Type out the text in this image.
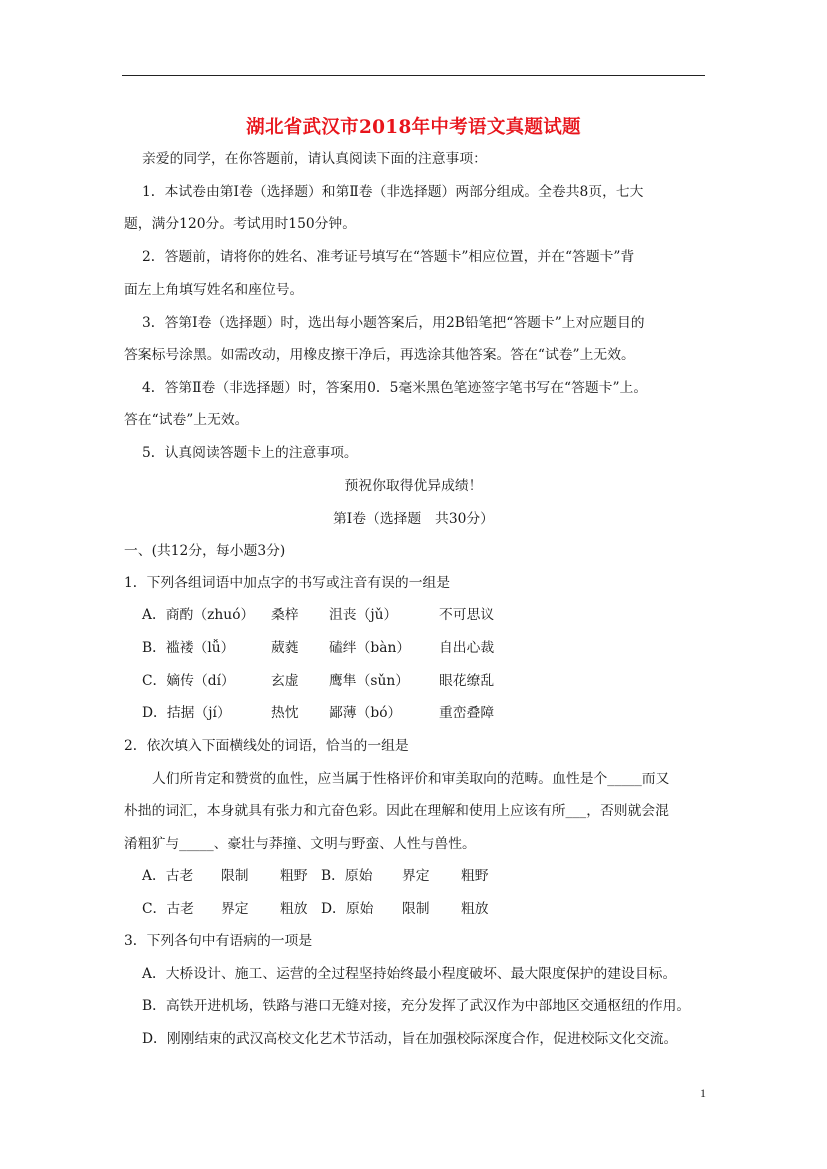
湖北省武汉市2018年中考语文真题试题
亲爱的同学，在你答题前，请认真阅读下面的注意事项：
1．本试卷由第Ⅰ卷（选择题）和第Ⅱ卷（非选择题）两部分组成。全卷共8页，七大
题，满分120分。考试用时150分钟。
2．答题前，请将你的姓名、准考证号填写在“答题卡”相应位置，并在“答题卡”背
面左上角填写姓名和座位号。
3．答第Ⅰ卷（选择题）时，选出每小题答案后，用2B铅笔把“答题卡”上对应题目的
答案标号涂黑。如需改动，用橡皮擦干净后，再选涂其他答案。答在“试卷”上无效。
4．答第Ⅱ卷（非选择题）时，答案用0．5毫米黑色笔迹签字笔书写在“答题卡”上。
答在“试卷”上无效。
5．认真阅读答题卡上的注意事项。
预祝你取得优异成绩！
第Ⅰ卷（选择题　共30分）
一、(共12分，每小题3分)
1．下列各组词语中加点字的书写或注音有误的一组是
A．商酌（zhuó） 桑梓 沮丧（jǔ）	不可思议
B．褴褛（lǚ）	葳蕤 磕绊（bàn） 自出心裁
C．嫡传（dí）	玄虚 鹰隼（sǔn） 眼花缭乱
D．拮据（jí）	热忱 鄙薄（bó）	重峦叠障
2．依次填入下面横线处的词语，恰当的一组是
人们所肯定和赞赏的血性，应当属于性格评价和审美取向的范畴。血性是个_____而又
朴拙的词汇，本身就具有张力和亢奋色彩。因此在理解和使用上应该有所___，否则就会混
淆粗犷与_____、豪壮与莽撞、文明与野蛮、人性与兽性。
A．古老 限制 粗野 B．原始 界定 粗野
C．古老 界定 粗放 D．原始 限制 粗放
3．下列各句中有语病的一项是
A．大桥设计、施工、运营的全过程坚持始终最小程度破坏、最大限度保护的建设目标。
B．高铁开进机场，铁路与港口无缝对接，充分发挥了武汉作为中部地区交通枢纽的作用。
D．刚刚结束的武汉高校文化艺术节活动，旨在加强校际深度合作，促进校际文化交流。
1
